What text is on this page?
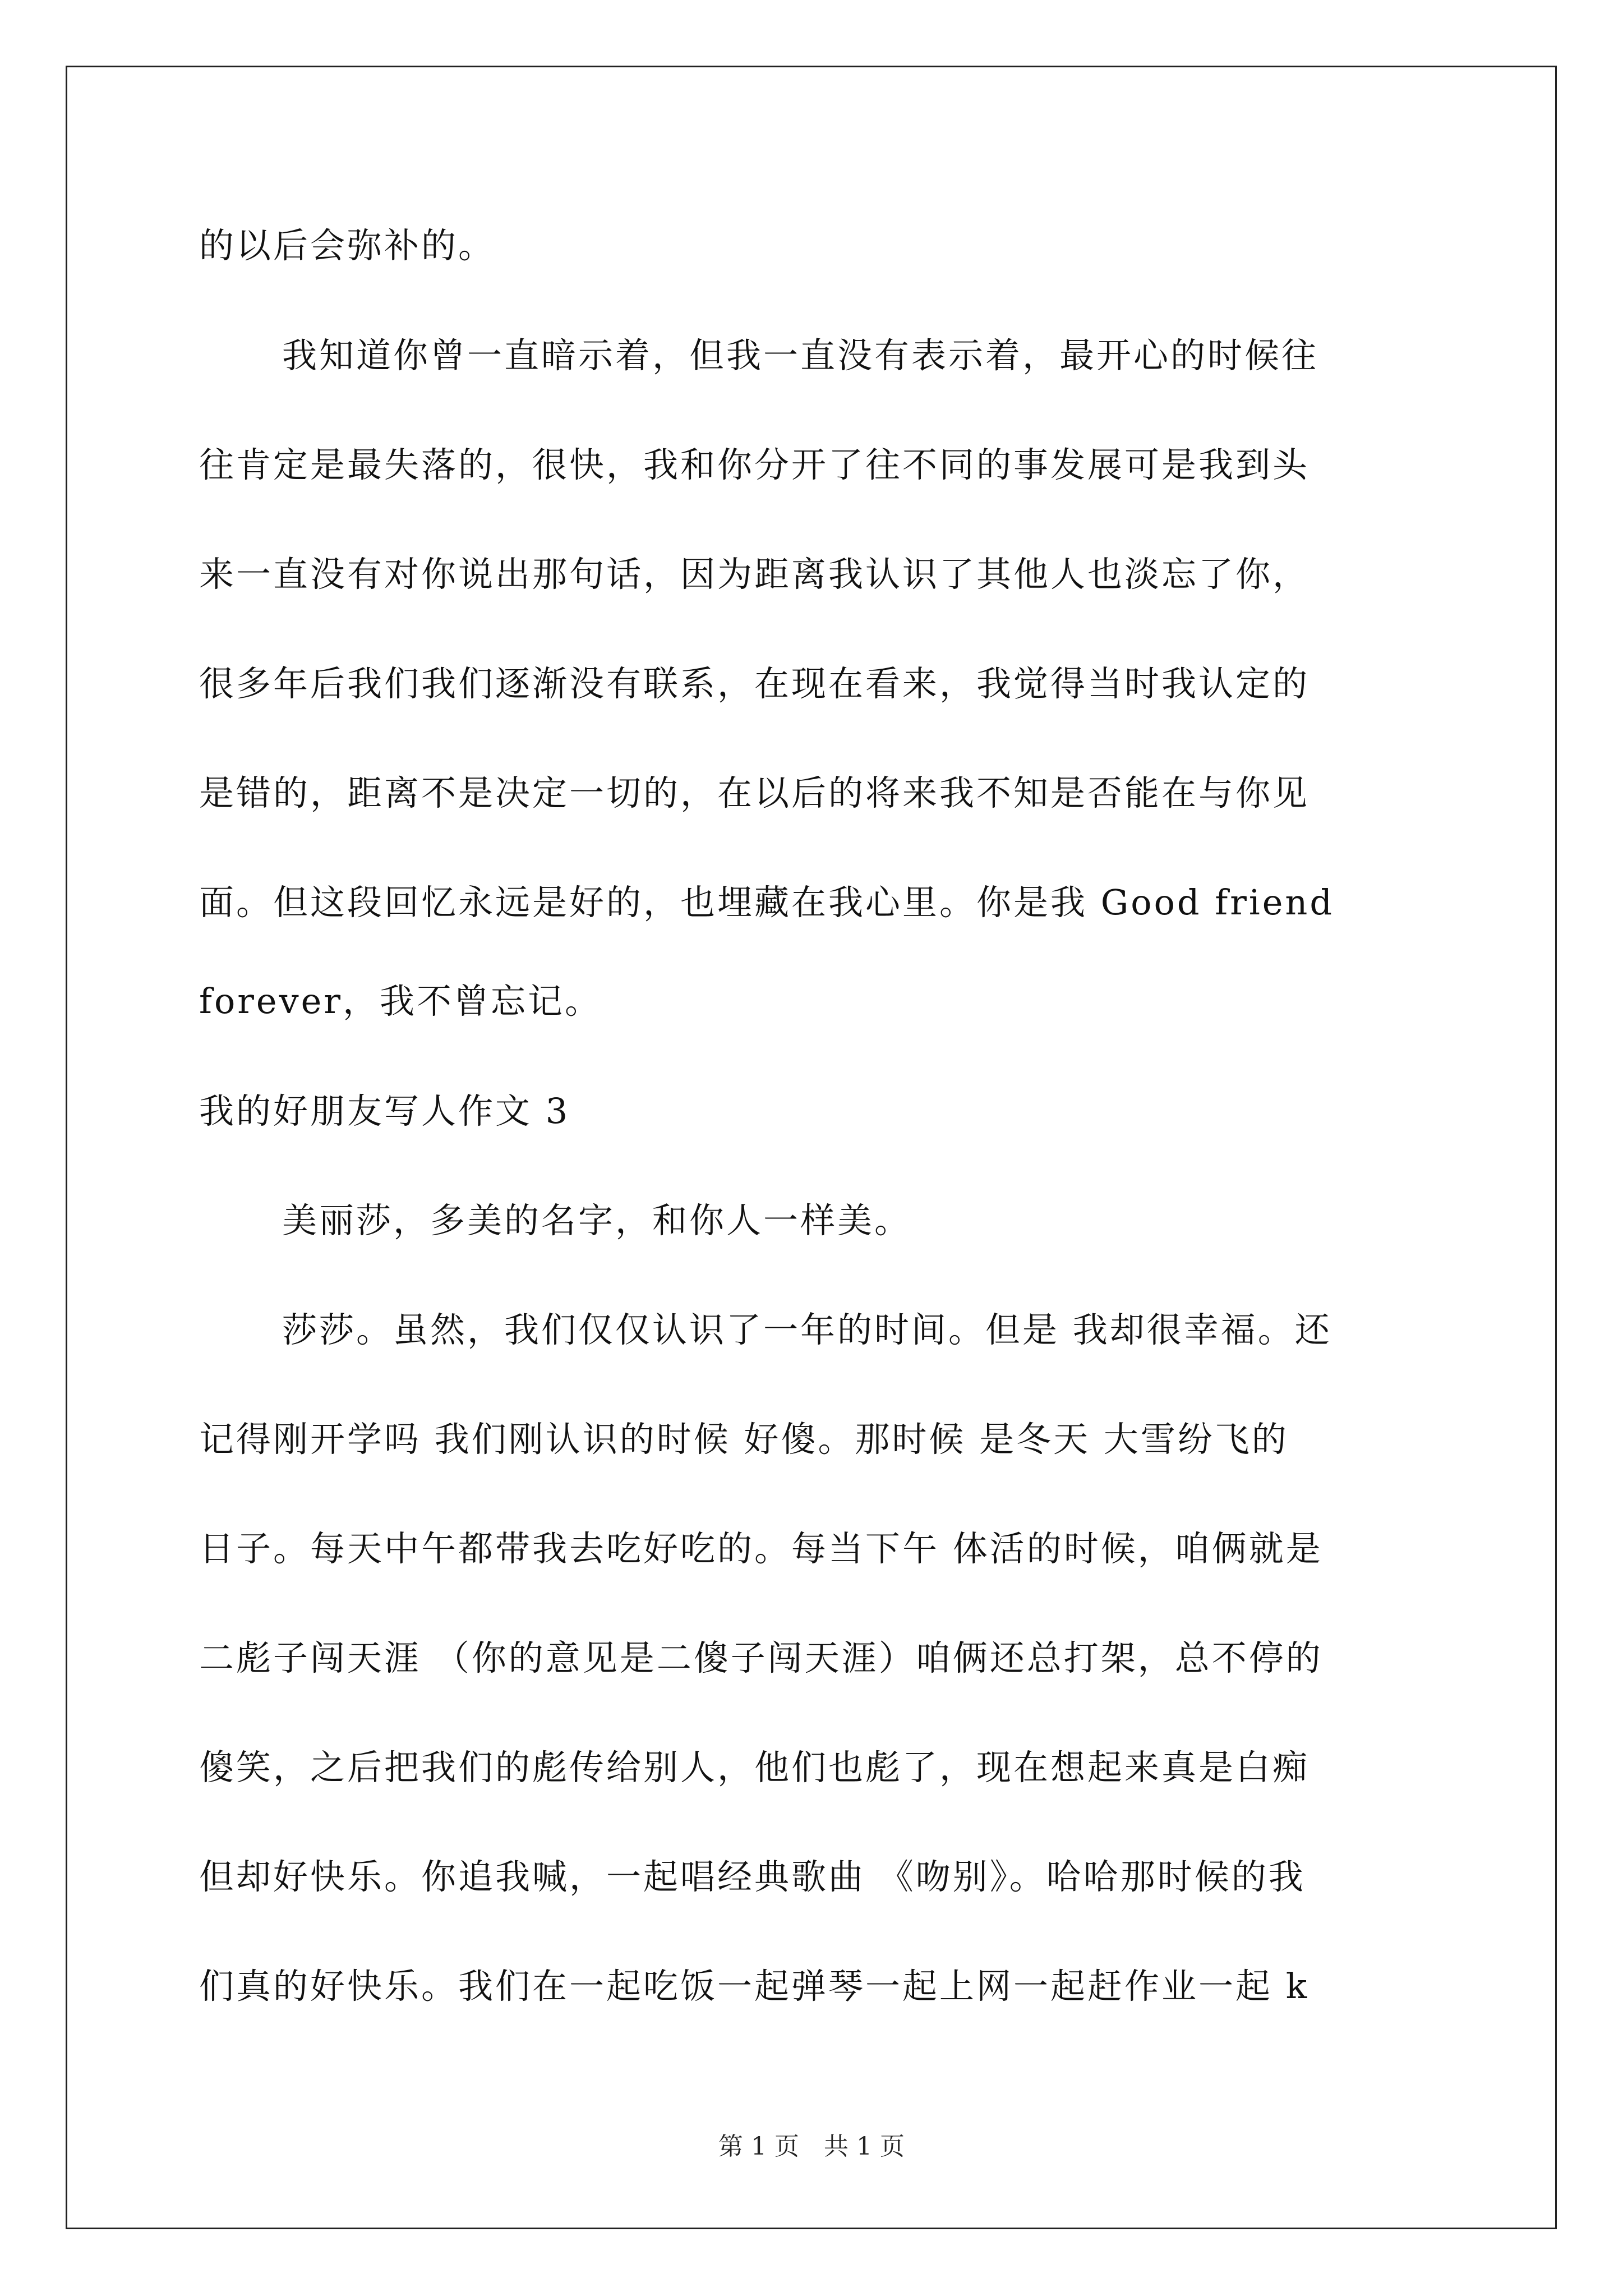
的以后会弥补的。
我知道你曾一直暗示着，但我一直没有表示着，最开心的时候往
往肯定是最失落的，很快，我和你分开了往不同的事发展可是我到头
来一直没有对你说出那句话，因为距离我认识了其他人也淡忘了你，
很多年后我们我们逐渐没有联系，在现在看来，我觉得当时我认定的
是错的，距离不是决定一切的，在以后的将来我不知是否能在与你见
面。但这段回忆永远是好的，也埋藏在我心里。你是我 Good friend
forever，我不曾忘记。
我的好朋友写人作文 3
美丽莎，多美的名字，和你人一样美。
莎莎。虽然，我们仅仅认识了一年的时间。但是 我却很幸福。还
记得刚开学吗 我们刚认识的时候 好傻。那时候 是冬天 大雪纷飞的
日子。每天中午都带我去吃好吃的。每当下午 体活的时候，咱俩就是
二彪子闯天涯 （你的意见是二傻子闯天涯）咱俩还总打架，总不停的
傻笑，之后把我们的彪传给别人，他们也彪了，现在想起来真是白痴
但却好快乐。你追我喊，一起唱经典歌曲 《吻别》。哈哈那时候的我
们真的好快乐。我们在一起吃饭一起弹琴一起上网一起赶作业一起 k
第 1 页　共 1 页
